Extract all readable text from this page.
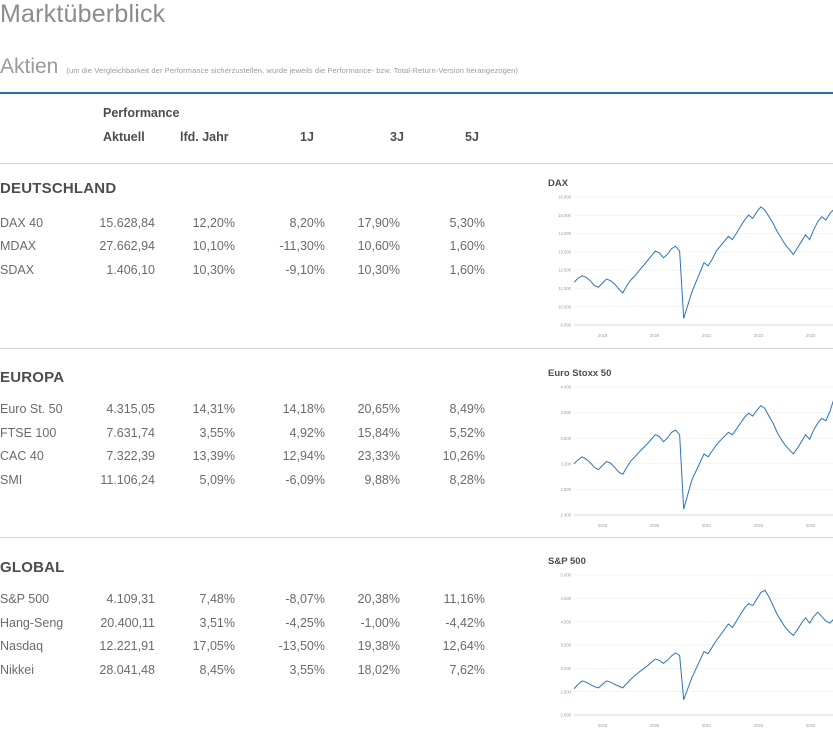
Marktüberblick
Aktien (um die Vergleichbarkeit der Performance sicherzustellen, wurde jeweils die Performance- bzw. Total-Return-Version herangezogen)
Performance
Aktuell	lfd. Jahr	1J	3J	5J
DEUTSCHLAND
DAX 40	15.628,84	12,20%	8,20%	17,90%	5,30%
MDAX	27.662,94	10,10%	-11,30%	10,60%	1,60%
SDAX	1.406,10	10,30%	-9,10%	10,30%	1,60%
EUROPA
Euro St. 50	4.315,05	14,31%	14,18%	20,65%	8,49%
FTSE 100	7.631,74	3,55%	4,92%	15,84%	5,52%
CAC 40	7.322,39	13,39%	12,94%	23,33%	10,26%
SMI	11.106,24	5,09%	-6,09%	9,88%	8,28%
GLOBAL
S&P 500	4.109,31	7,48%	-8,07%	20,38%	11,16%
Hang-Seng	20.400,11	3,51%	-4,25%	-1,00%	-4,42%
Nasdaq	12.221,91	17,05%	-13,50%	19,38%	12,64%
Nikkei	28.041,48	8,45%	3,55%	18,02%	7,62%
DAX
9.000
10.000
11.000
12.000
13.000
14.000
15.000
16.000
2019	2020	2021	2022	2023
Euro Stoxx 50
2.400
2.800
3.200
3.600
4.000
4.400
2019	2020	2021	2022	2023
S&P 500
2.000
2.500
3.000
3.500
4.000
4.500
5.000
2019	2020	2021	2022	2023
